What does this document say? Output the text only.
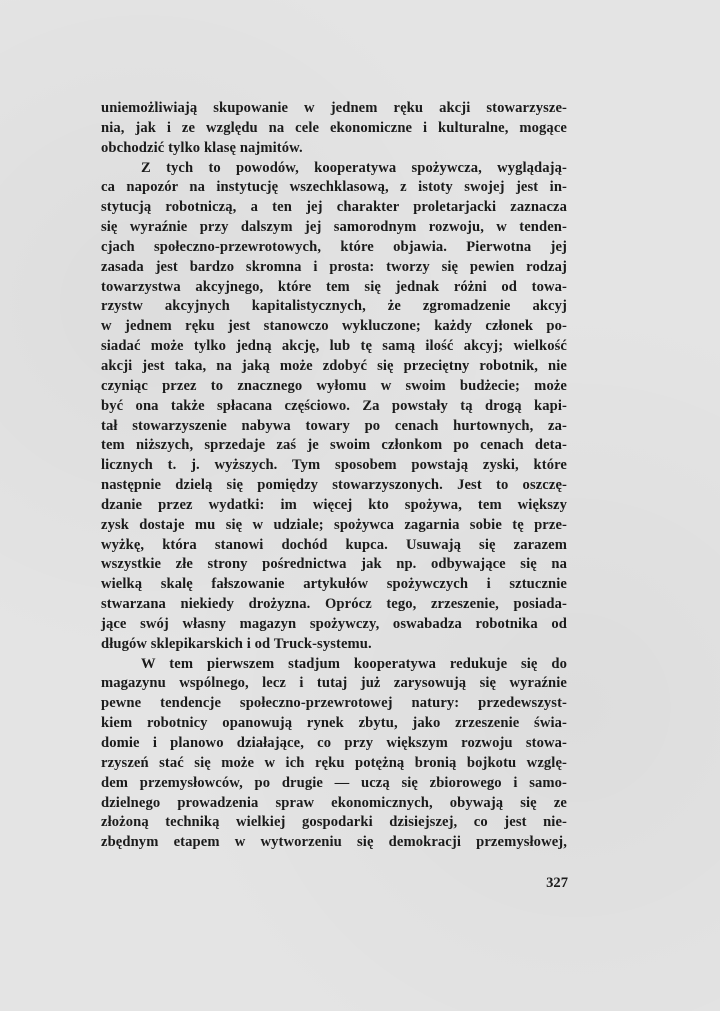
uniemożliwiają skupowanie w jednem ręku akcji stowarzysze-
nia, jak i ze względu na cele ekonomiczne i kulturalne, mogące
obchodzić tylko klasę najmitów.
Z tych to powodów, kooperatywa spożywcza, wyglądają-
ca napozór na instytucję wszechklasową, z istoty swojej jest in-
stytucją robotniczą, a ten jej charakter proletarjacki zaznacza
się wyraźnie przy dalszym jej samorodnym rozwoju, w tenden-
cjach społeczno-przewrotowych, które objawia. Pierwotna jej
zasada jest bardzo skromna i prosta: tworzy się pewien rodzaj
towarzystwa akcyjnego, które tem się jednak różni od towa-
rzystw akcyjnych kapitalistycznych, że zgromadzenie akcyj
w jednem ręku jest stanowczo wykluczone; każdy członek po-
siadać może tylko jedną akcję, lub tę samą ilość akcyj; wielkość
akcji jest taka, na jaką może zdobyć się przeciętny robotnik, nie
czyniąc przez to znacznego wyłomu w swoim budżecie; może
być ona także spłacana częściowo. Za powstały tą drogą kapi-
tał stowarzyszenie nabywa towary po cenach hurtownych, za-
tem niższych, sprzedaje zaś je swoim członkom po cenach deta-
licznych t. j. wyższych. Tym sposobem powstają zyski, które
następnie dzielą się pomiędzy stowarzyszonych. Jest to oszczę-
dzanie przez wydatki: im więcej kto spożywa, tem większy
zysk dostaje mu się w udziale; spożywca zagarnia sobie tę prze-
wyżkę, która stanowi dochód kupca. Usuwają się zarazem
wszystkie złe strony pośrednictwa jak np. odbywające się na
wielką skalę fałszowanie artykułów spożywczych i sztucznie
stwarzana niekiedy drożyzna. Oprócz tego, zrzeszenie, posiada-
jące swój własny magazyn spożywczy, oswabadza robotnika od
długów sklepikarskich i od Truck-systemu.
W tem pierwszem stadjum kooperatywa redukuje się do
magazynu wspólnego, lecz i tutaj już zarysowują się wyraźnie
pewne tendencje społeczno-przewrotowej natury: przedewszyst-
kiem robotnicy opanowują rynek zbytu, jako zrzeszenie świa-
domie i planowo działające, co przy większym rozwoju stowa-
rzyszeń stać się może w ich ręku potężną bronią bojkotu wzglę-
dem przemysłowców, po drugie — uczą się zbiorowego i samo-
dzielnego prowadzenia spraw ekonomicznych, obywają się ze
złożoną techniką wielkiej gospodarki dzisiejszej, co jest nie-
zbędnym etapem w wytworzeniu się demokracji przemysłowej,
327
